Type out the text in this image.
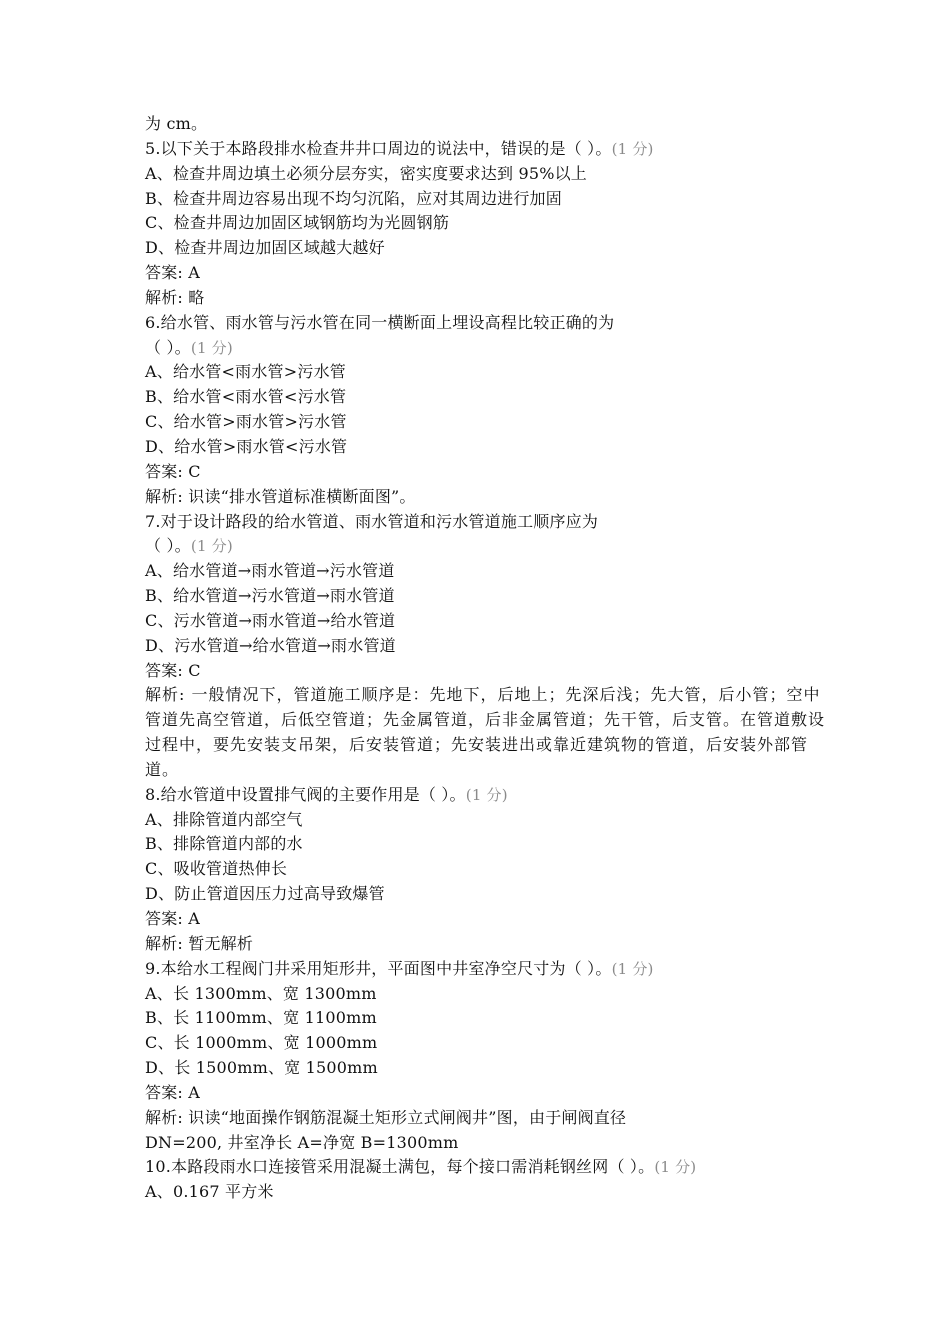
为 cm。
5.以下关于本路段排水检查井井口周边的说法中，错误的是（ ）。(1 分)
A、检查井周边填土必须分层夯实，密实度要求达到 95%以上
B、检查井周边容易出现不均匀沉陷，应对其周边进行加固
C、检查井周边加固区域钢筋均为光圆钢筋
D、检查井周边加固区域越大越好
答案: A
解析: 略
6.给水管、雨水管与污水管在同一横断面上埋设高程比较正确的为
（ ）。(1 分)
A、给水管<雨水管>污水管
B、给水管<雨水管<污水管
C、给水管>雨水管>污水管
D、给水管>雨水管<污水管
答案: C
解析: 识读“排水管道标准横断面图”。
7.对于设计路段的给水管道、雨水管道和污水管道施工顺序应为
（ ）。(1 分)
A、给水管道→雨水管道→污水管道
B、给水管道→污水管道→雨水管道
C、污水管道→雨水管道→给水管道
D、污水管道→给水管道→雨水管道
答案: C
解析: 一般情况下，管道施工顺序是：先地下，后地上；先深后浅；先大管，后小管；空中管道先高空管道，后低空管道；先金属管道，后非金属管道；先干管，后支管。在管道敷设过程中，要先安装支吊架，后安装管道；先安装进出或靠近建筑物的管道，后安装外部管道。
8.给水管道中设置排气阀的主要作用是（ ）。(1 分)
A、排除管道内部空气
B、排除管道内部的水
C、吸收管道热伸长
D、防止管道因压力过高导致爆管
答案: A
解析: 暂无解析
9.本给水工程阀门井采用矩形井，平面图中井室净空尺寸为（ ）。(1 分)
A、长 1300mm、宽 1300mm
B、长 1100mm、宽 1100mm
C、长 1000mm、宽 1000mm
D、长 1500mm、宽 1500mm
答案: A
解析: 识读“地面操作钢筋混凝土矩形立式闸阀井”图，由于闸阀直径
DN=200, 井室净长 A=净宽 B=1300mm
10.本路段雨水口连接管采用混凝土满包，每个接口需消耗钢丝网（ ）。(1 分)
A、0.167 平方米
